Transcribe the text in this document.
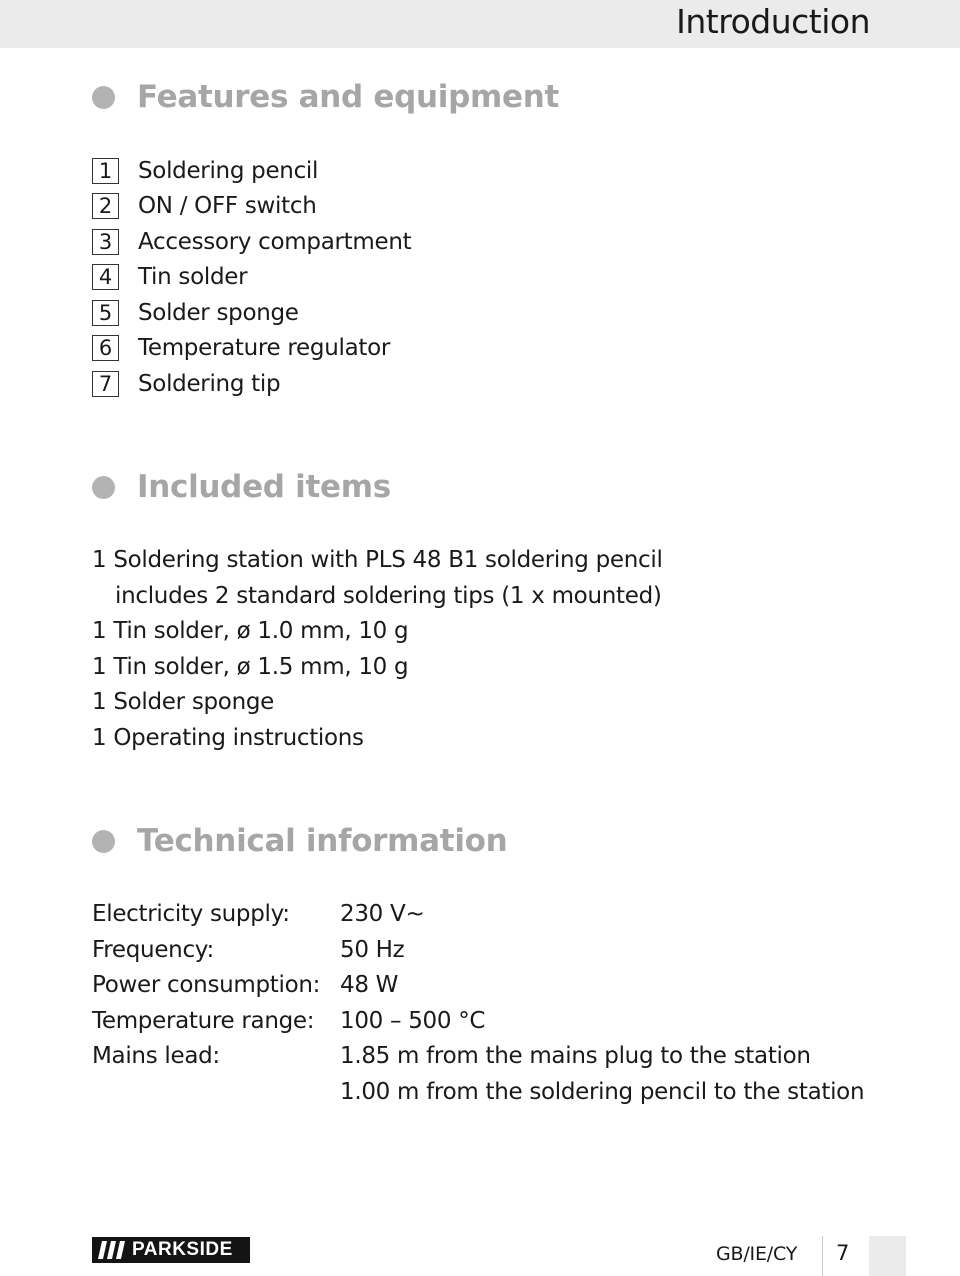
Introduction
Features and equipment
1 Soldering pencil
2 ON / OFF switch
3 Accessory compartment
4 Tin solder
5 Solder sponge
6 Temperature regulator
7 Soldering tip
Included items
1 Soldering station with PLS 48 B1 soldering pencil
includes 2 standard soldering tips (1 x mounted)
1 Tin solder, ø 1.0 mm, 10 g
1 Tin solder, ø 1.5 mm, 10 g
1 Solder sponge
1 Operating instructions
Technical information
Electricity supply:	230 V~
Frequency:	50 Hz
Power consumption: 48 W
Temperature range:	100 – 500 °C
Mains lead:	1.85 m from the mains plug to the station
1.00 m from the soldering pencil to the station
PARKSIDE	GB/IE/CY 7
